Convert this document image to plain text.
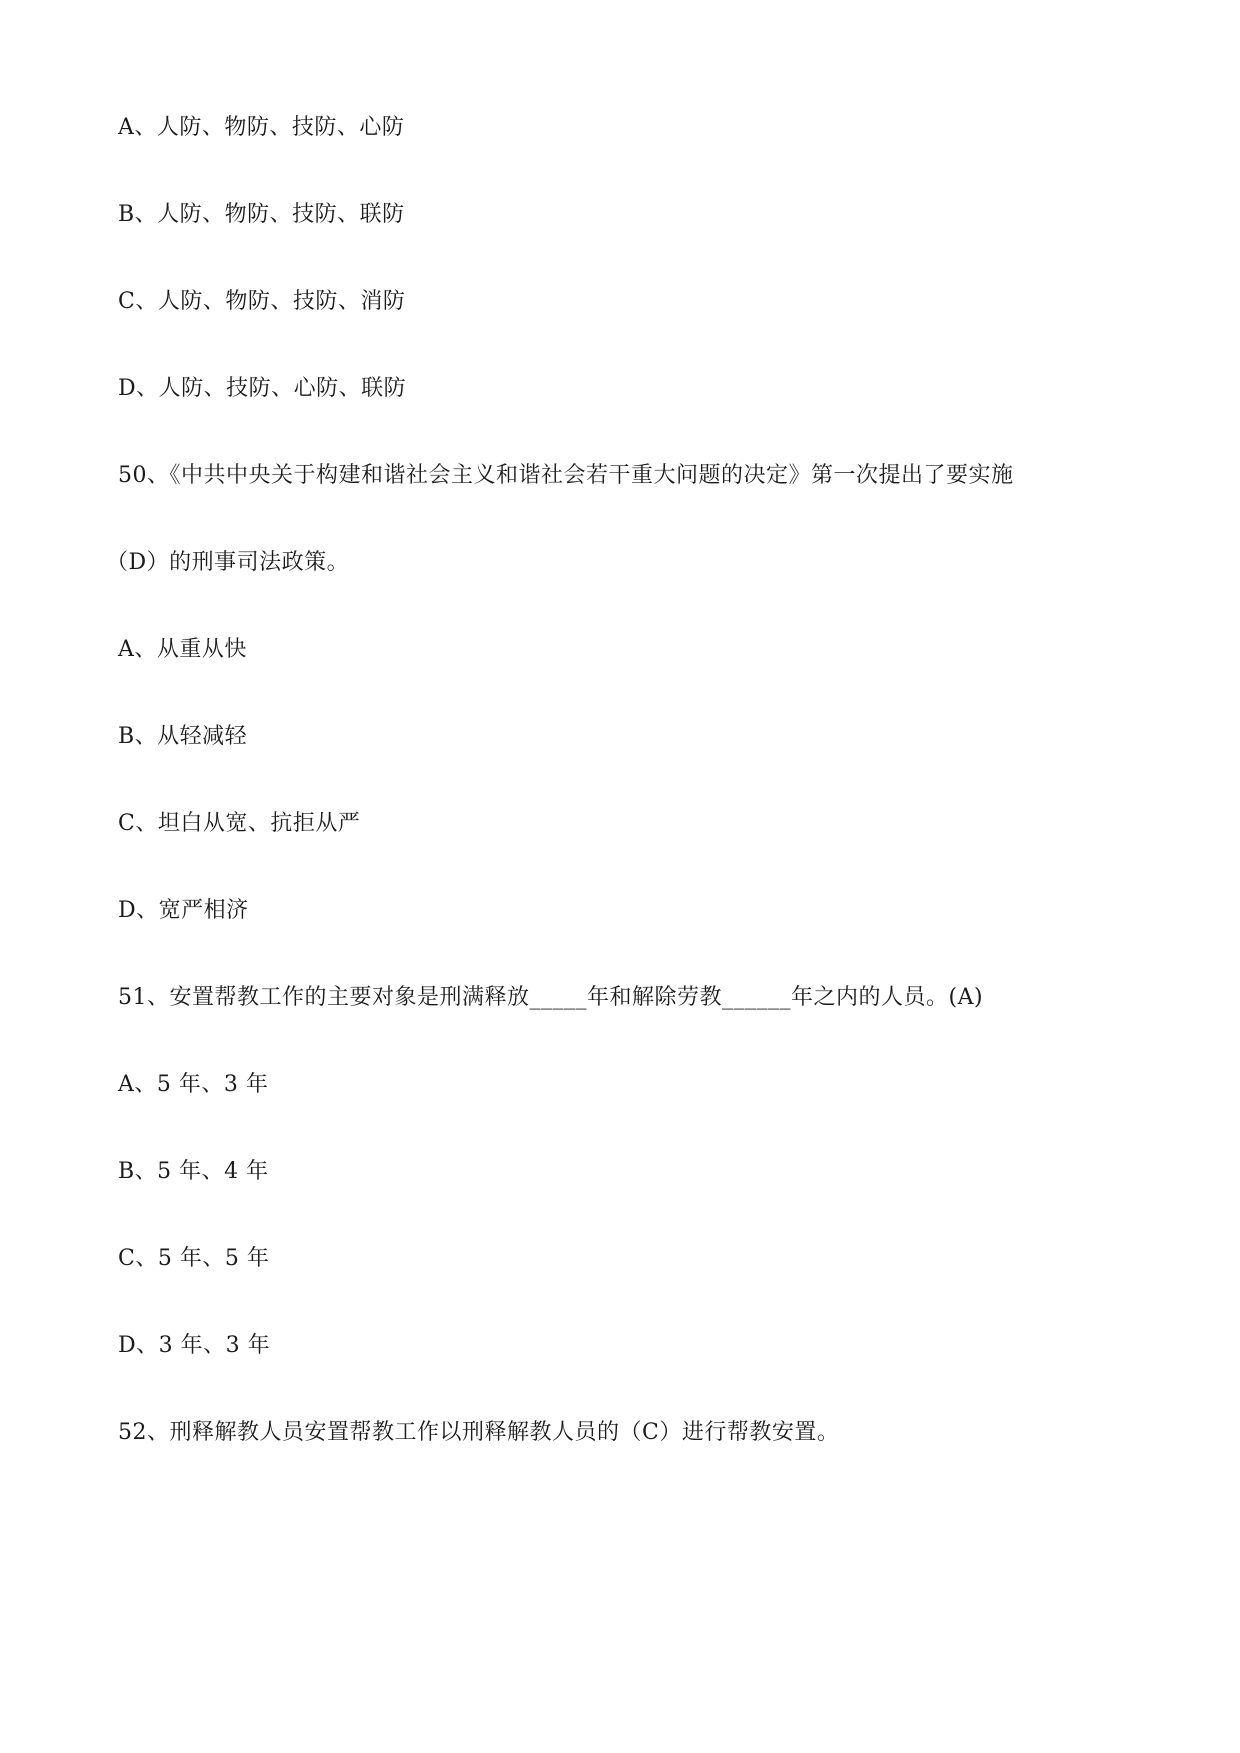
A、人防、物防、技防、心防
B、人防、物防、技防、联防
C、人防、物防、技防、消防
D、人防、技防、心防、联防
50、《中共中央关于构建和谐社会主义和谐社会若干重大问题的决定》第一次提出了要实施
（D）的刑事司法政策。
A、从重从快
B、从轻减轻
C、坦白从宽、抗拒从严
D、宽严相济
51、安置帮教工作的主要对象是刑满释放_____年和解除劳教______年之内的人员。(A)
A、5 年、3 年
B、5 年、4 年
C、5 年、5 年
D、3 年、3 年
52、刑释解教人员安置帮教工作以刑释解教人员的（C）进行帮教安置。
